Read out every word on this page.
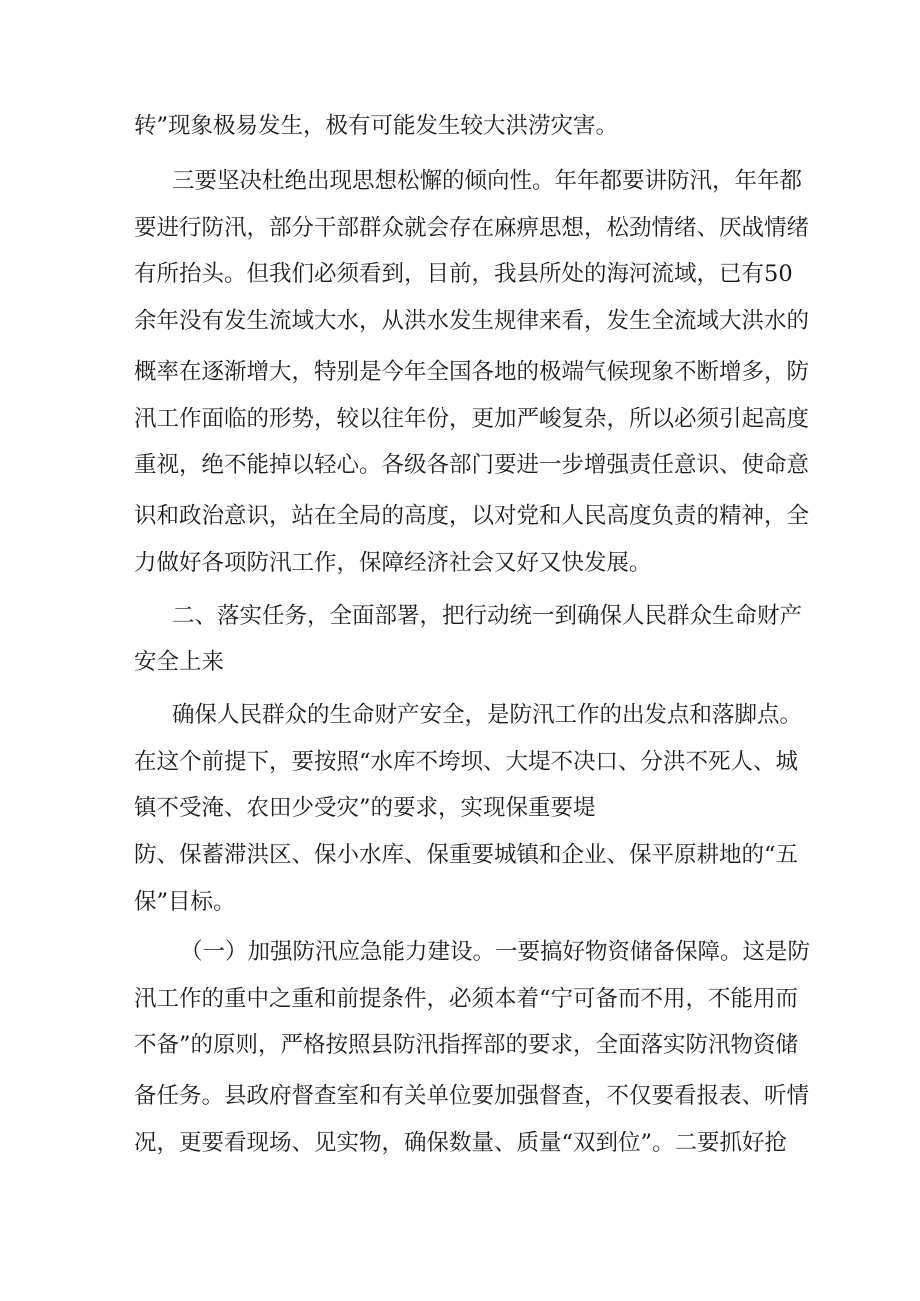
转”现象极易发生，极有可能发生较大洪涝灾害。
三要坚决杜绝出现思想松懈的倾向性。年年都要讲防汛，年年都
要进行防汛，部分干部群众就会存在麻痹思想，松劲情绪、厌战情绪
有所抬头。但我们必须看到，目前，我县所处的海河流域，已有50
余年没有发生流域大水，从洪水发生规律来看，发生全流域大洪水的
概率在逐渐增大，特别是今年全国各地的极端气候现象不断增多，防
汛工作面临的形势，较以往年份，更加严峻复杂，所以必须引起高度
重视，绝不能掉以轻心。各级各部门要进一步增强责任意识、使命意
识和政治意识，站在全局的高度，以对党和人民高度负责的精神，全
力做好各项防汛工作，保障经济社会又好又快发展。
二、落实任务，全面部署，把行动统一到确保人民群众生命财产
安全上来
确保人民群众的生命财产安全，是防汛工作的出发点和落脚点。
在这个前提下，要按照“水库不垮坝、大堤不决口、分洪不死人、城
镇不受淹、农田少受灾”的要求，实现保重要堤
防、保蓄滞洪区、保小水库、保重要城镇和企业、保平原耕地的“五
保”目标。
（一）加强防汛应急能力建设。一要搞好物资储备保障。这是防
汛工作的重中之重和前提条件，必须本着“宁可备而不用，不能用而
不备”的原则，严格按照县防汛指挥部的要求，全面落实防汛物资储
备任务。县政府督查室和有关单位要加强督查，不仅要看报表、听情
况，更要看现场、见实物，确保数量、质量“双到位”。二要抓好抢
